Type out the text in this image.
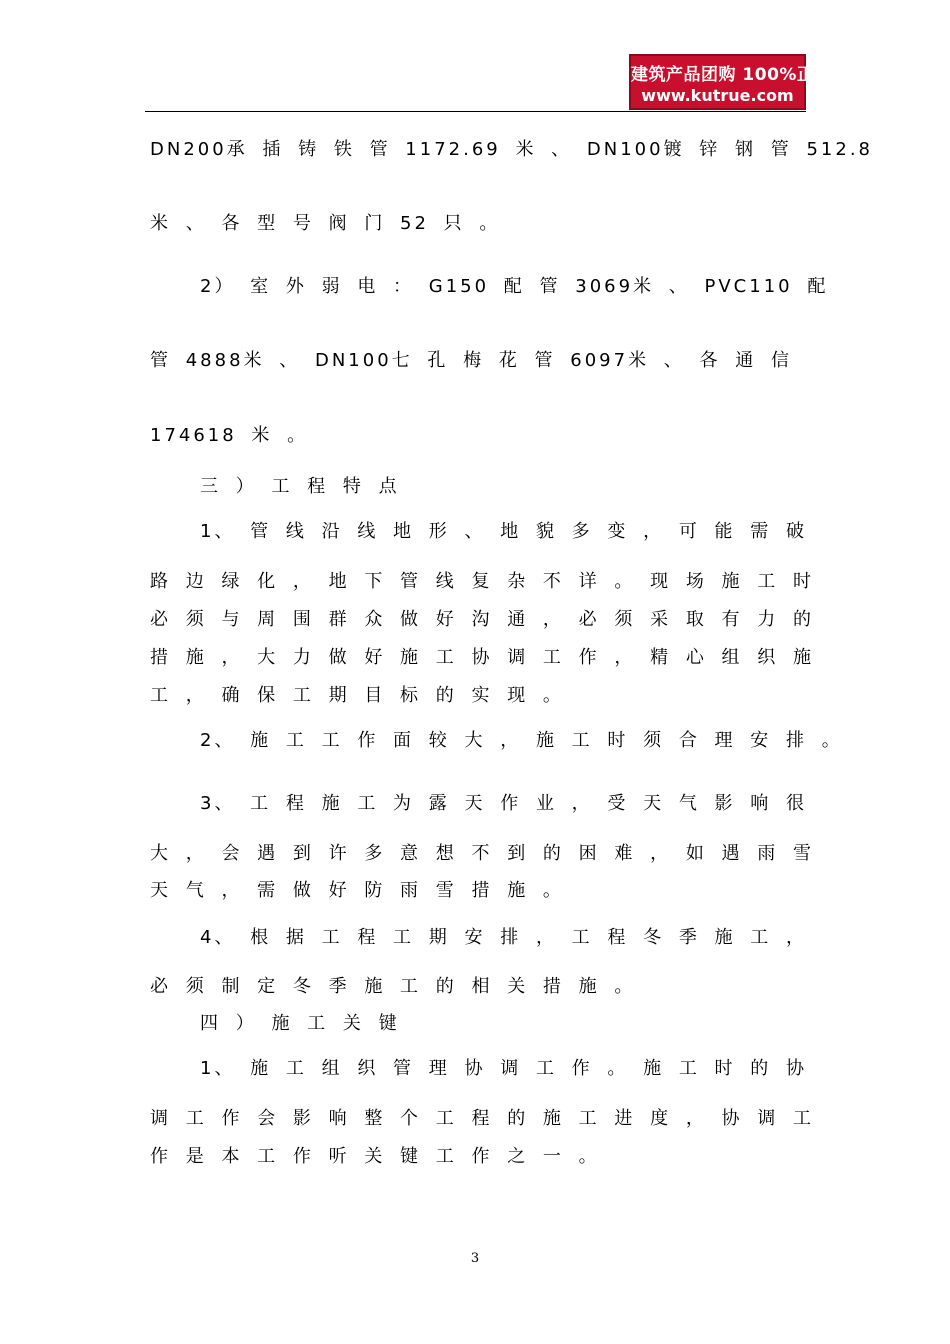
建筑产品团购 100%正品
www.kutrue.com
DN200承 插 铸 铁 管 1172.69 米 、 DN100镀 锌 钢 管 512.8
米 、 各 型 号 阀 门 52 只 。
2） 室 外 弱 电 ： G150 配 管 3069米 、 PVC110 配
管 4888米 、 DN100七 孔 梅 花 管 6097米 、 各 通 信
174618 米 。
三 ） 工 程 特 点
1、 管 线 沿 线 地 形 、 地 貌 多 变 ， 可 能 需 破
路 边 绿 化 ， 地 下 管 线 复 杂 不 详 。 现 场 施 工 时
必 须 与 周 围 群 众 做 好 沟 通 ， 必 须 采 取 有 力 的
措 施 ， 大 力 做 好 施 工 协 调 工 作 ， 精 心 组 织 施
工 ， 确 保 工 期 目 标 的 实 现 。
2、 施 工 工 作 面 较 大 ， 施 工 时 须 合 理 安 排 。
3、 工 程 施 工 为 露 天 作 业 ， 受 天 气 影 响 很
大 ， 会 遇 到 许 多 意 想 不 到 的 困 难 ， 如 遇 雨 雪
天 气 ， 需 做 好 防 雨 雪 措 施 。
4、 根 据 工 程 工 期 安 排 ， 工 程 冬 季 施 工 ，
必 须 制 定 冬 季 施 工 的 相 关 措 施 。
四 ） 施 工 关 键
1、 施 工 组 织 管 理 协 调 工 作 。 施 工 时 的 协
调 工 作 会 影 响 整 个 工 程 的 施 工 进 度 ， 协 调 工
作 是 本 工 作 听 关 键 工 作 之 一 。
3
